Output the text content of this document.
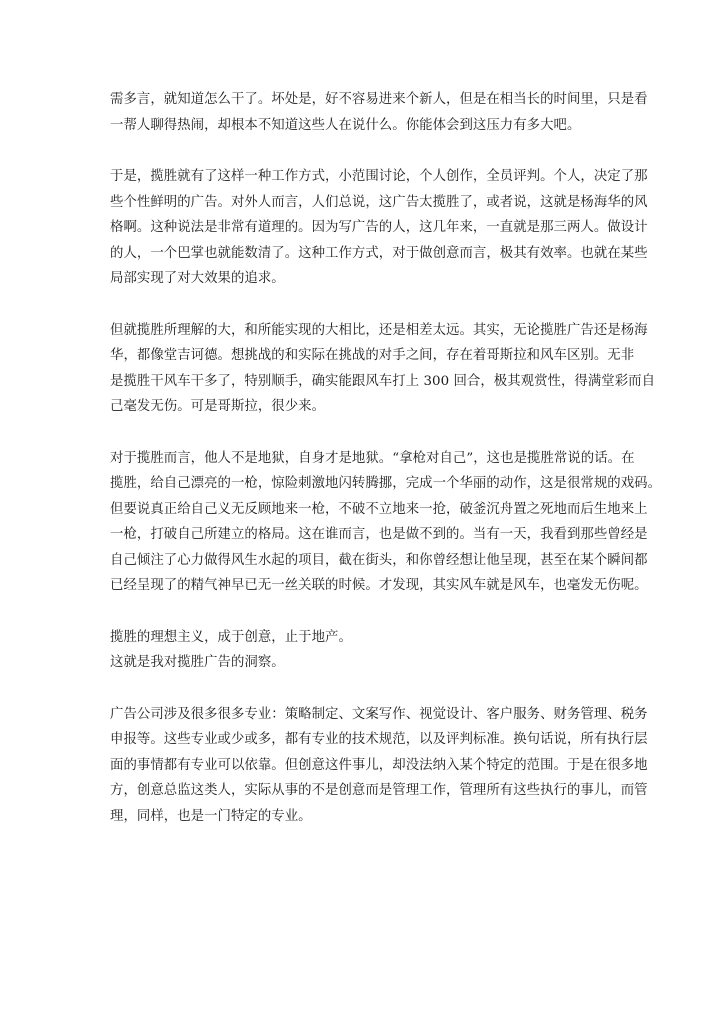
需多言，就知道怎么干了。坏处是，好不容易进来个新人，但是在相当长的时间里，只是看
一帮人聊得热闹，却根本不知道这些人在说什么。你能体会到这压力有多大吧。
于是，揽胜就有了这样一种工作方式，小范围讨论，个人创作，全员评判。个人，决定了那
些个性鲜明的广告。对外人而言，人们总说，这广告太揽胜了，或者说，这就是杨海华的风
格啊。这种说法是非常有道理的。因为写广告的人，这几年来，一直就是那三两人。做设计
的人，一个巴掌也就能数清了。这种工作方式，对于做创意而言，极其有效率。也就在某些
局部实现了对大效果的追求。
但就揽胜所理解的大，和所能实现的大相比，还是相差太远。其实，无论揽胜广告还是杨海
华，都像堂吉诃德。想挑战的和实际在挑战的对手之间，存在着哥斯拉和风车区别。无非
是揽胜干风车干多了，特别顺手，确实能跟风车打上 300 回合，极其观赏性，得满堂彩而自
己毫发无伤。可是哥斯拉，很少来。
对于揽胜而言，他人不是地狱，自身才是地狱。“拿枪对自己”，这也是揽胜常说的话。在
揽胜，给自己漂亮的一枪，惊险刺激地闪转腾挪，完成一个华丽的动作，这是很常规的戏码。
但要说真正给自己义无反顾地来一枪，不破不立地来一抢，破釜沉舟置之死地而后生地来上
一枪，打破自己所建立的格局。这在谁而言，也是做不到的。当有一天，我看到那些曾经是
自己倾注了心力做得风生水起的项目，截在街头，和你曾经想让他呈现，甚至在某个瞬间都
已经呈现了的精气神早已无一丝关联的时候。才发现，其实风车就是风车，也毫发无伤呢。
揽胜的理想主义，成于创意，止于地产。
这就是我对揽胜广告的洞察。
广告公司涉及很多很多专业：策略制定、文案写作、视觉设计、客户服务、财务管理、税务
申报等。这些专业或少或多，都有专业的技术规范，以及评判标准。换句话说，所有执行层
面的事情都有专业可以依靠。但创意这件事儿，却没法纳入某个特定的范围。于是在很多地
方，创意总监这类人，实际从事的不是创意而是管理工作，管理所有这些执行的事儿，而管
理，同样，也是一门特定的专业。
